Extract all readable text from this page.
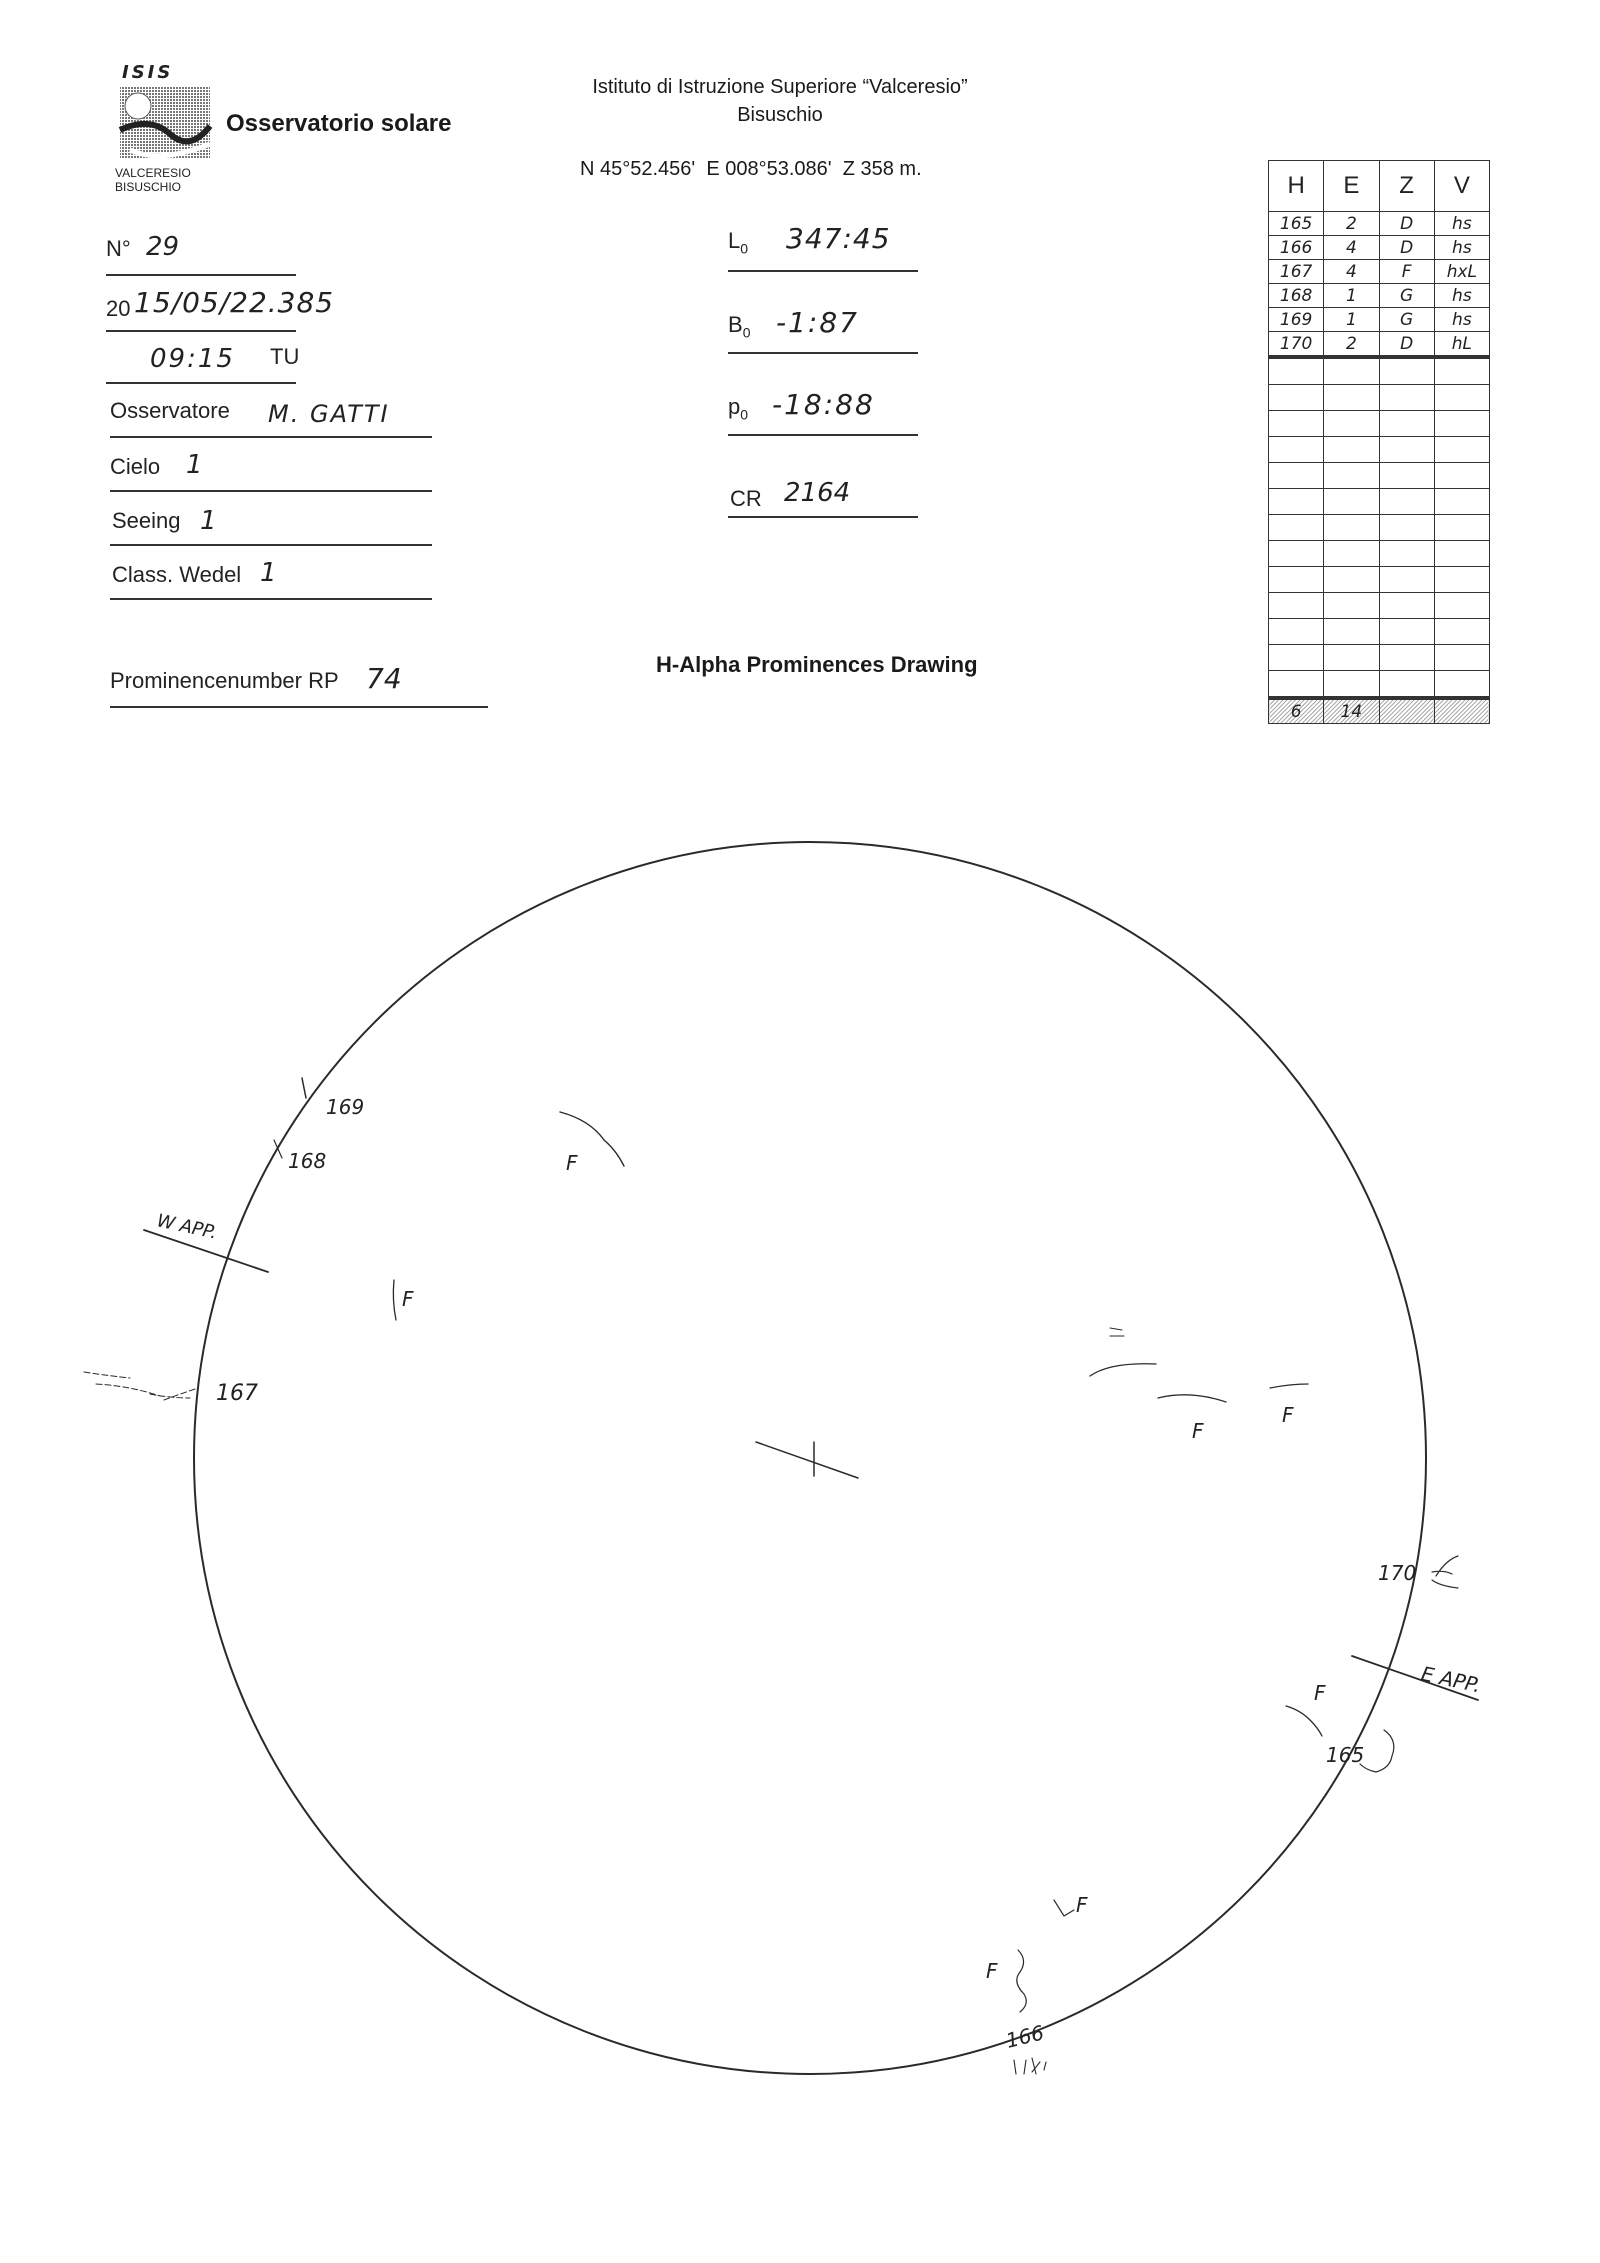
ISIS
VALCERESIO
BISUSCHIO
Osservatorio solare
Istituto di Istruzione Superiore “Valceresio”
Bisuschio
N 45°52.456'  E 008°53.086'  Z 358 m.
N° 29
20 15/05/22.385
09:15 TU
Osservatore M. GATTI
Cielo 1
Seeing 1
Class. Wedel 1
Prominencenumber RP 74
$L_0$ 347:45
$B_0$ -1:87
$p_0$ -18:88
CR 2164
H-Alpha Prominences Drawing
H	E	Z	V
165	2	D	hs
166	4	D	hs
167	4	F	hxL
168	1	G	hs
169	1	G	hs
170	2	D	hL

6	14		
169
168
W APP.
167
170
E APP.
165
166
F
F
F
F
F
F
F
